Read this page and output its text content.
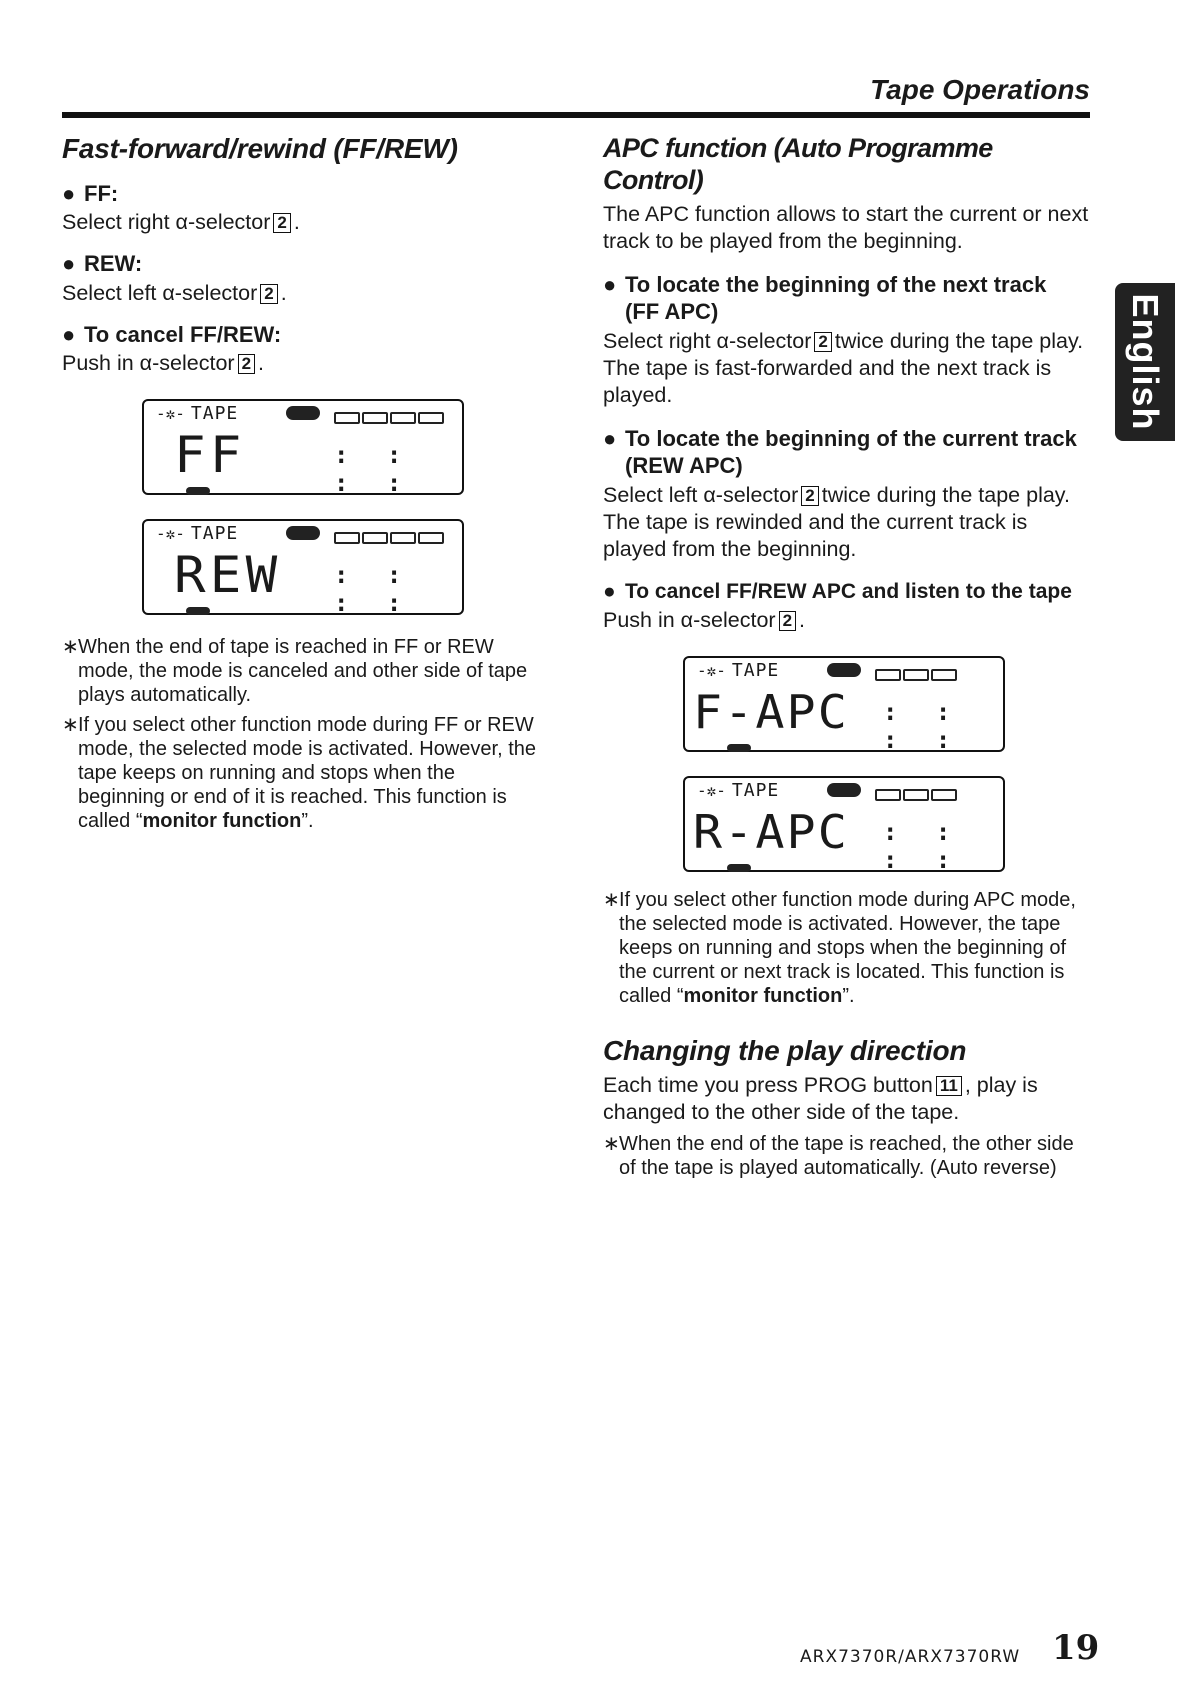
Tape Operations
English
Fast-forward/rewind (FF/REW)
● FF:

Select right α-selector 2 .

● REW:

Select left α-selector 2 .

● To cancel FF/REW:

Push in α-selector 2 .

-✲- TAPE
FF	: : : :
-✲- TAPE
REW : : : :

∗ When the end of tape is reached in FF or REW mode, the mode is canceled and other side of tape plays automatically.

∗ If you select other function mode during FF or REW mode, the selected mode is activated. However, the tape keeps on running and stops when the beginning or end of it is reached. This function is called “monitor function”.

APC function (Auto Programme Control)

The APC function allows to start the current or next track to be played from the beginning.

● To locate the beginning of the next track
(FF APC)

Select right α-selector 2 twice during the tape play. The tape is fast-forwarded and the next track is played.

● To locate the beginning of the current track
(REW APC)

Select left α-selector 2 twice during the tape play. The tape is rewinded and the current track is played from the beginning.

● To cancel FF/REW APC and listen to the tape

Push in α-selector 2 .

-✲- TAPE
F-APC : : : :
-✲- TAPE
R-APC : : : :

∗ If you select other function mode during APC mode, the selected mode is activated. However, the tape keeps on running and stops when the beginning of the current or next track is located. This function is called “monitor function”.

Changing the play direction

Each time you press PROG button 11 , play is changed to the other side of the tape.

∗ When the end of the tape is reached, the other side of the tape is played automatically. (Auto reverse)

ARX7370R/ARX7370RW 19
